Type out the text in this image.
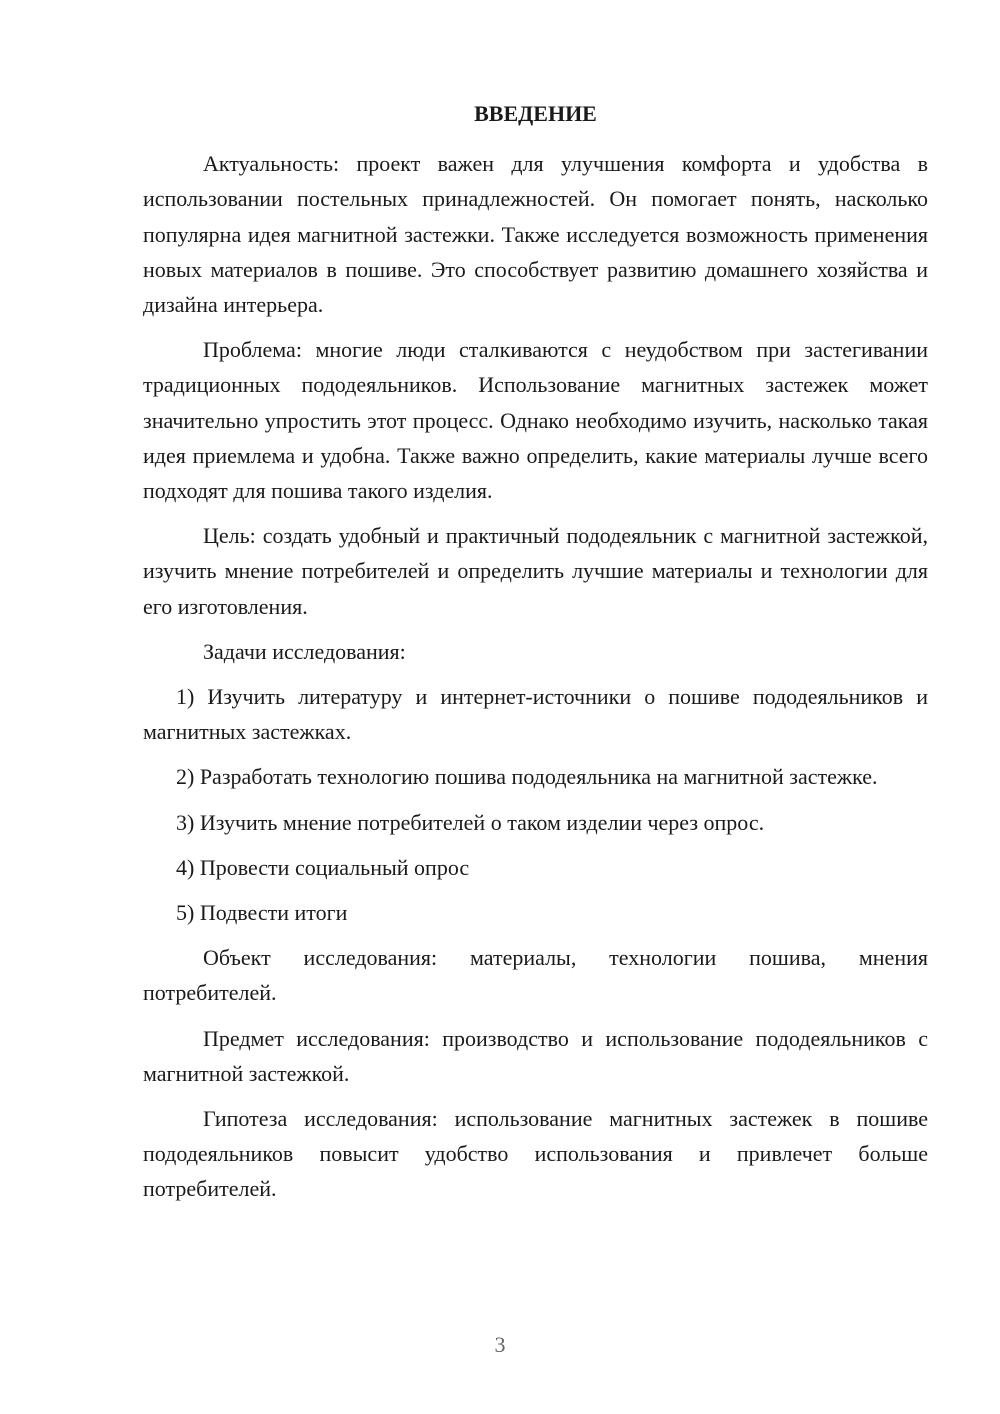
ВВЕДЕНИЕ

Актуальность: проект важен для улучшения комфорта и удобства в использовании постельных принадлежностей. Он помогает понять, насколько популярна идея магнитной застежки. Также исследуется возможность применения новых материалов в пошиве. Это способствует развитию домашнего хозяйства и дизайна интерьера.

Проблема: многие люди сталкиваются с неудобством при застегивании традиционных пододеяльников. Использование магнитных застежек может значительно упростить этот процесс. Однако необходимо изучить, насколько такая идея приемлема и удобна. Также важно определить, какие материалы лучше всего подходят для пошива такого изделия.

Цель: создать удобный и практичный пододеяльник с магнитной застежкой, изучить мнение потребителей и определить лучшие материалы и технологии для его изготовления.

Задачи исследования:

1) Изучить литературу и интернет-источники о пошиве пододеяльников и магнитных застежках.

2) Разработать технологию пошива пододеяльника на магнитной застежке.

3) Изучить мнение потребителей о таком изделии через опрос.

4) Провести социальный опрос

5) Подвести итоги

Объект исследования: материалы, технологии пошива, мнения потребителей.

Предмет исследования: производство и использование пододеяльников с магнитной застежкой.

Гипотеза исследования: использование магнитных застежек в пошиве пододеяльников повысит удобство использования и привлечет больше потребителей.

3
